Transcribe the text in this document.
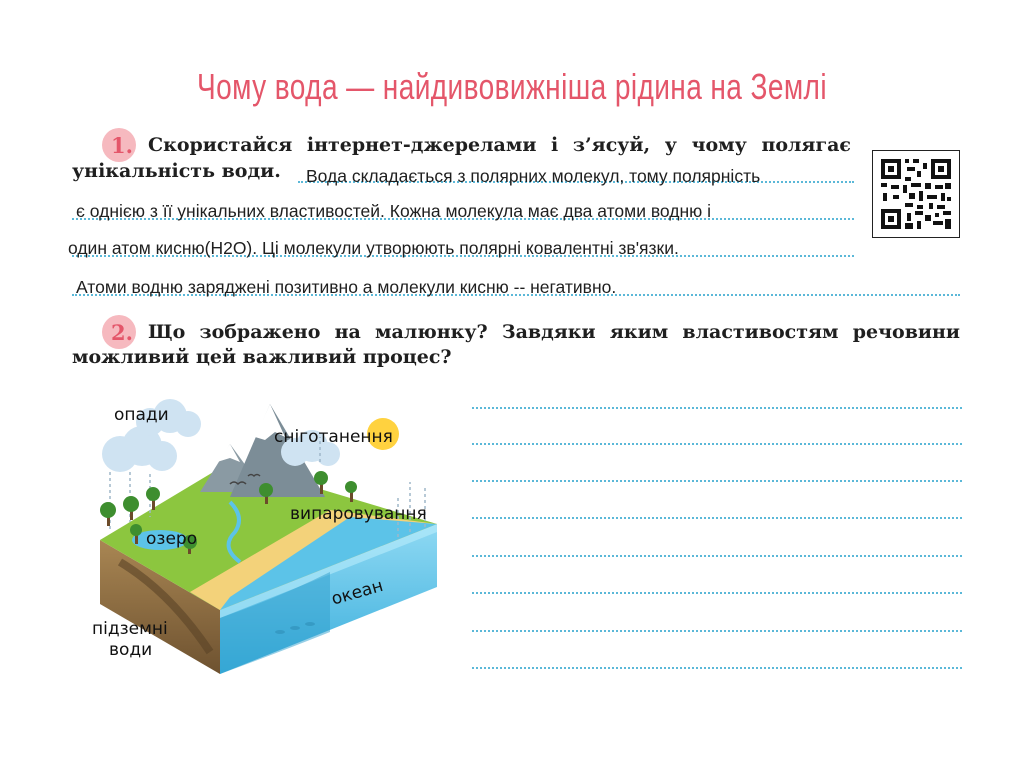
Чому вода — найдивовижніша рідина на Землі
1. Скористайся інтернет-джерелами і з’ясуй, у чому полягає
унікальність води. Вода складається з полярних молекул, тому полярність
є однією з її унікальних властивостей. Кожна молекула має два атоми водню і
один атом кисню(H2O). Ці молекули утворюють полярні ковалентні зв'язки.
Атоми водню заряджені позитивно а молекули кисню -- негативно.
2. Що зображено на малюнку? Завдяки яким властивостям речовини
можливий цей важливий процес?
опади
сніготанення
випаровування
озеро
океан
підземні
води
